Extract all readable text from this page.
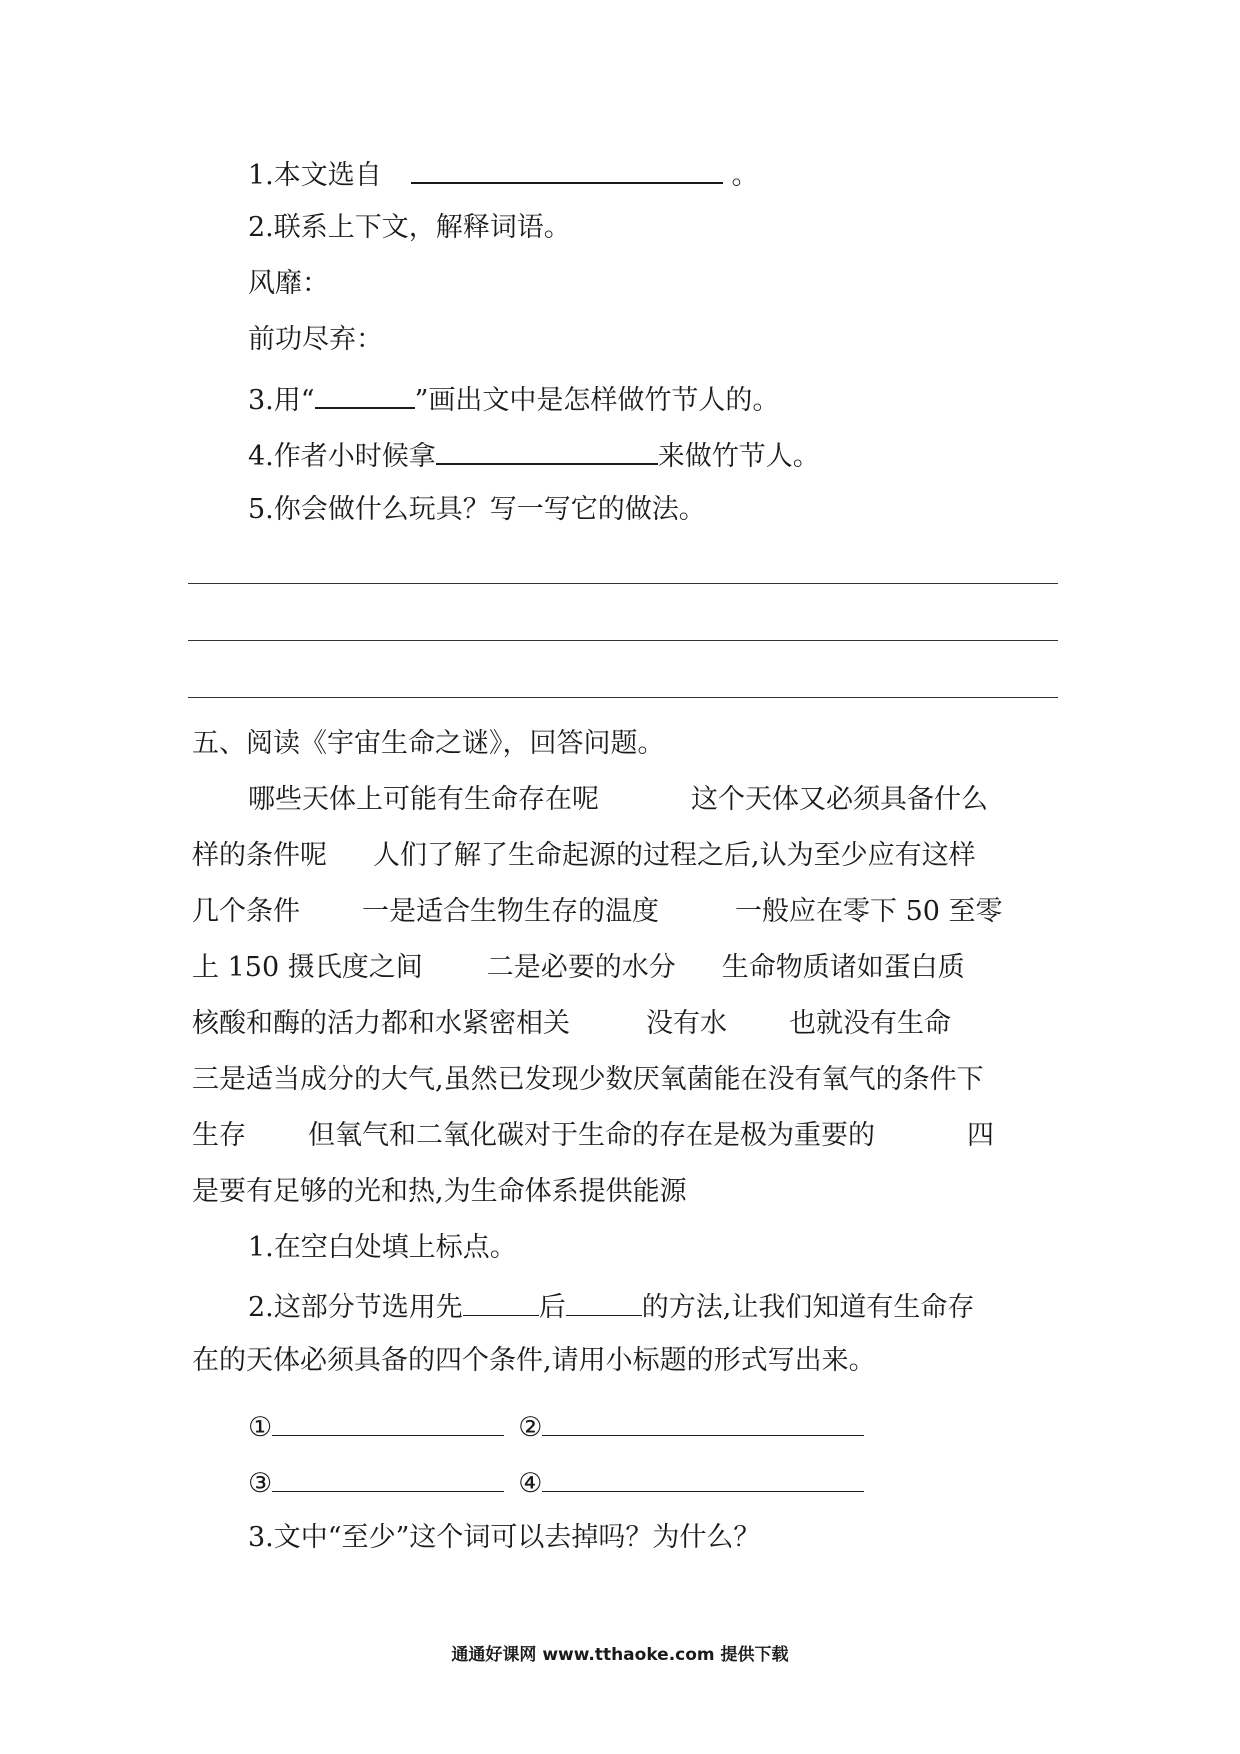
1.本文选自	。
2.联系上下文，解释词语。
风靡：
前功尽弃：
3.用“	”画出文中是怎样做竹节人的。
4.作者小时候拿	来做竹节人。
5.你会做什么玩具？写一写它的做法。
五、阅读《宇宙生命之谜》，回答问题。
哪些天体上可能有生命存在呢	这个天体又必须具备什么
样的条件呢 人们了解了生命起源的过程之后,认为至少应有这样
几个条件 一是适合生物生存的温度	一般应在零下 50 至零
上 150 摄氏度之间 二是必要的水分 生命物质诸如蛋白质
核酸和酶的活力都和水紧密相关	没有水 也就没有生命
三是适当成分的大气,虽然已发现少数厌氧菌能在没有氧气的条件下
生存 但氧气和二氧化碳对于生命的存在是极为重要的	四
是要有足够的光和热,为生命体系提供能源
1.在空白处填上标点。
2.这部分节选用先	后	的方法,让我们知道有生命存
在的天体必须具备的四个条件,请用小标题的形式写出来。
①	②
③	④
3.文中“至少”这个词可以去掉吗？为什么？
通通好课网 www.tthaoke.com 提供下载
